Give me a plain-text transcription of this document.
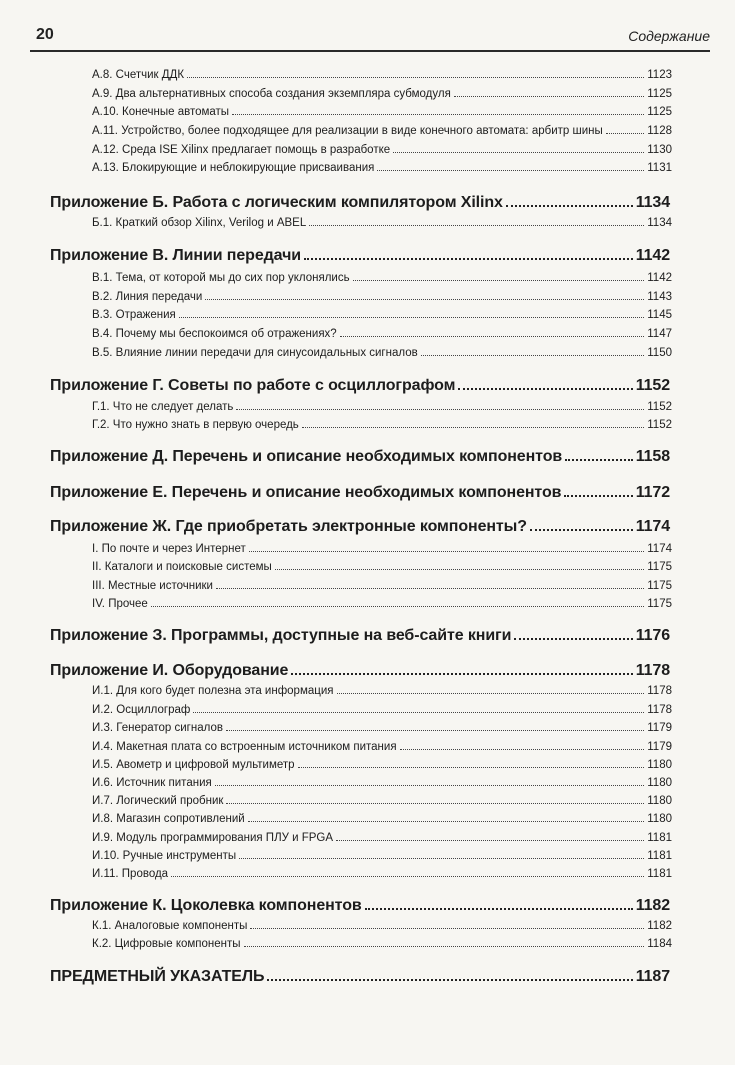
20	Содержание
А.8. Счетчик ДДК	1123
А.9. Два альтернативных способа создания экземпляра субмодуля	1125
А.10. Конечные автоматы	1125
А.11. Устройство, более подходящее для реализации в виде конечного автомата: арбитр шины	1128
А.12. Среда ISE Xilinx предлагает помощь в разработке	1130
А.13. Блокирующие и неблокирующие присваивания	1131
Приложение Б. Работа с логическим компилятором Xilinx	1134
Б.1. Краткий обзор Xilinx, Verilog и ABEL	1134
Приложение В. Линии передачи	1142
В.1. Тема, от которой мы до сих пор уклонялись	1142
В.2. Линия передачи	1143
В.3. Отражения	1145
В.4. Почему мы беспокоимся об отражениях?	1147
В.5. Влияние линии передачи для синусоидальных сигналов	1150
Приложение Г. Советы по работе с осциллографом	1152
Г.1. Что не следует делать	1152
Г.2. Что нужно знать в первую очередь	1152
Приложение Д. Перечень и описание необходимых компонентов	1158
Приложение Е. Перечень и описание необходимых компонентов	1172
Приложение Ж. Где приобретать электронные компоненты?	1174
I. По почте и через Интернет	1174
II. Каталоги и поисковые системы	1175
III. Местные источники	1175
IV. Прочее	1175
Приложение З. Программы, доступные на веб-сайте книги	1176
Приложение И. Оборудование	1178
И.1. Для кого будет полезна эта информация	1178
И.2. Осциллограф	1178
И.3. Генератор сигналов	1179
И.4. Макетная плата со встроенным источником питания	1179
И.5. Авометр и цифровой мультиметр	1180
И.6. Источник питания	1180
И.7. Логический пробник	1180
И.8. Магазин сопротивлений	1180
И.9. Модуль программирования ПЛУ и FPGA	1181
И.10. Ручные инструменты	1181
И.11. Провода	1181
Приложение К. Цоколевка компонентов	1182
К.1. Аналоговые компоненты	1182
К.2. Цифровые компоненты	1184
ПРЕДМЕТНЫЙ УКАЗАТЕЛЬ	1187
